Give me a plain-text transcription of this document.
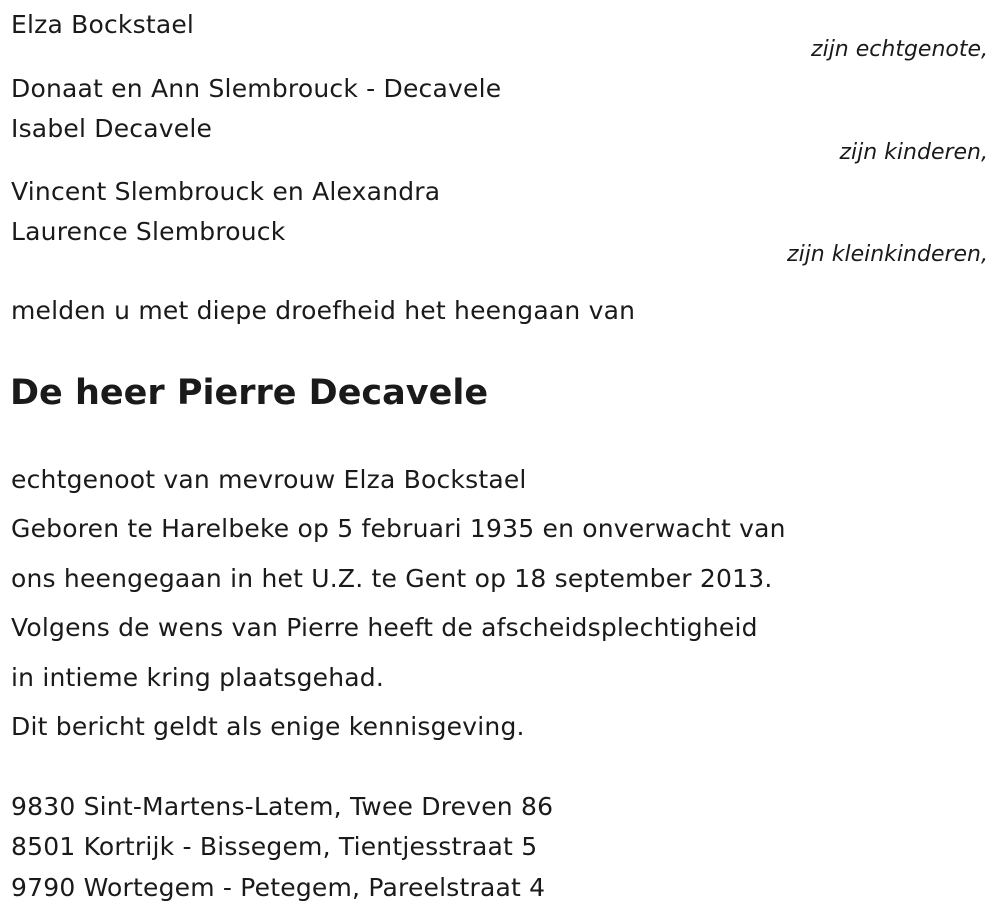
Elza Bockstael
zijn echtgenote,
Donaat en Ann Slembrouck - Decavele
Isabel Decavele
zijn kinderen,
Vincent Slembrouck en Alexandra
Laurence Slembrouck
zijn kleinkinderen,
melden u met diepe droefheid het heengaan van
De heer Pierre Decavele
echtgenoot van mevrouw Elza Bockstael
Geboren te Harelbeke op 5 februari 1935 en onverwacht van
ons heengegaan in het U.Z. te Gent op 18 september 2013.
Volgens de wens van Pierre heeft de afscheidsplechtigheid
in intieme kring plaatsgehad.
Dit bericht geldt als enige kennisgeving.
9830 Sint-Martens-Latem, Twee Dreven 86
8501 Kortrijk - Bissegem, Tientjesstraat 5
9790 Wortegem - Petegem, Pareelstraat 4
